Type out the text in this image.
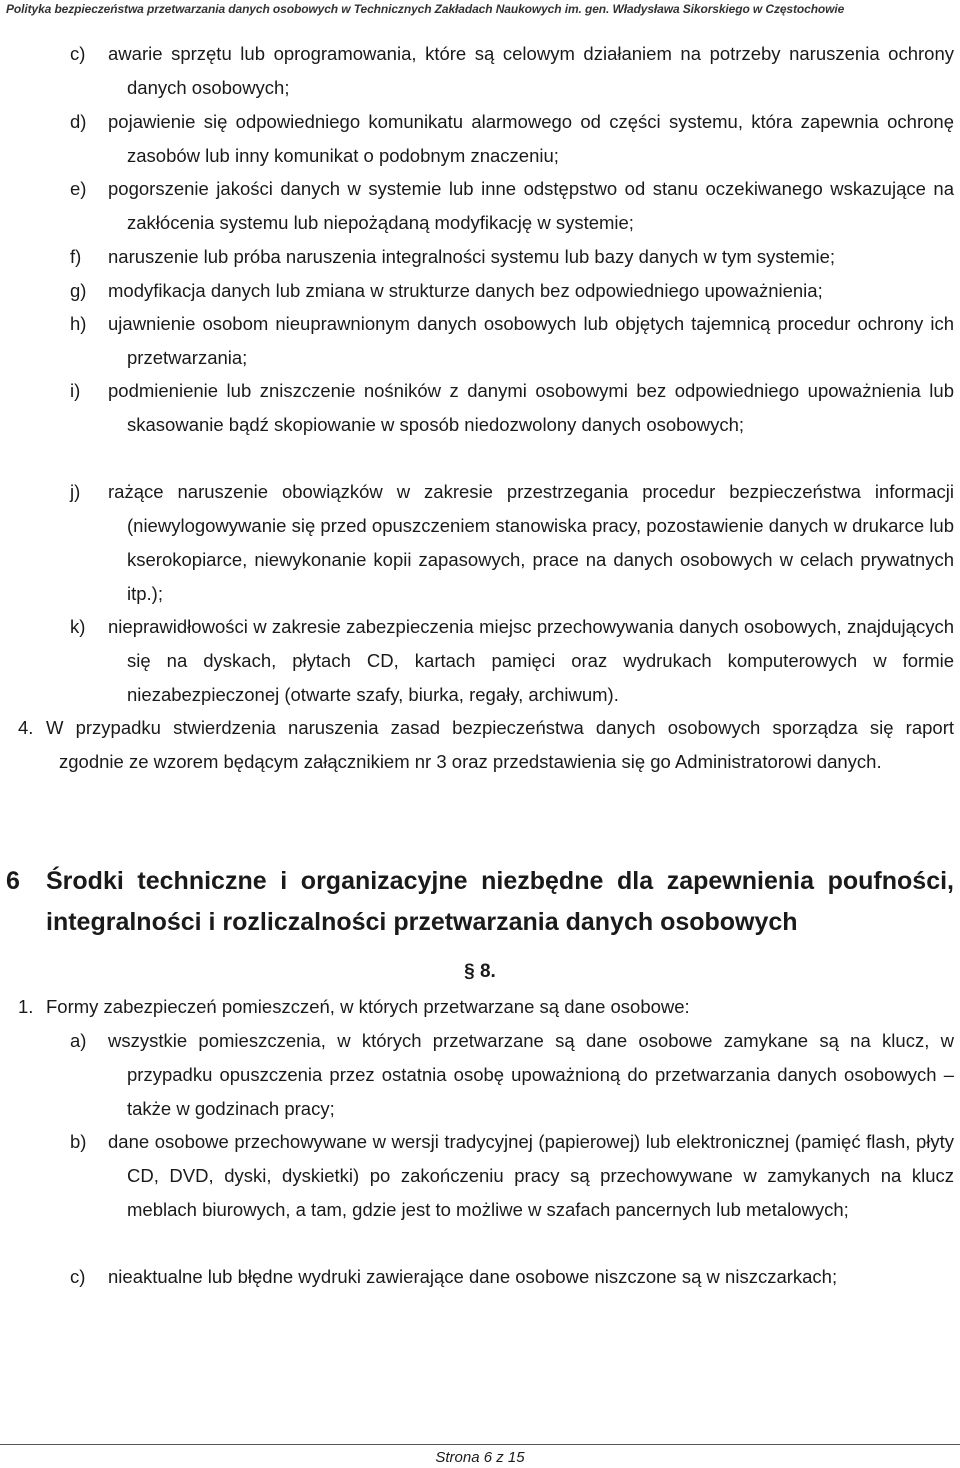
Polityka bezpieczeństwa przetwarzania danych osobowych w Technicznych Zakładach Naukowych im. gen. Władysława Sikorskiego w Częstochowie
c) awarie sprzętu lub oprogramowania, które są celowym działaniem na potrzeby naruszenia ochrony danych osobowych;
d) pojawienie się odpowiedniego komunikatu alarmowego od części systemu, która zapewnia ochronę zasobów lub inny komunikat o podobnym znaczeniu;
e) pogorszenie jakości danych w systemie lub inne odstępstwo od stanu oczekiwanego wskazujące na zakłócenia systemu lub niepożądaną modyfikację w systemie;
f) naruszenie lub próba naruszenia integralności systemu lub bazy danych w tym systemie;
g) modyfikacja danych lub zmiana w strukturze danych bez odpowiedniego upoważnienia;
h) ujawnienie osobom nieuprawnionym danych osobowych lub objętych tajemnicą procedur ochrony ich przetwarzania;
i) podmienienie lub zniszczenie nośników z danymi osobowymi bez odpowiedniego upoważnienia lub skasowanie bądź skopiowanie w sposób niedozwolony danych osobowych;
j) rażące naruszenie obowiązków w zakresie przestrzegania procedur bezpieczeństwa informacji (niewylogowywanie się przed opuszczeniem stanowiska pracy, pozostawienie danych w drukarce lub kserokopiarce, niewykonanie kopii zapasowych, prace na danych osobowych w celach prywatnych itp.);
k) nieprawidłowości w zakresie zabezpieczenia miejsc przechowywania danych osobowych, znajdujących się na dyskach, płytach CD, kartach pamięci oraz wydrukach komputerowych w formie niezabezpieczonej (otwarte szafy, biurka, regały, archiwum).
4. W przypadku stwierdzenia naruszenia zasad bezpieczeństwa danych osobowych sporządza się raport zgodnie ze wzorem będącym załącznikiem nr 3 oraz przedstawienia się go Administratorowi danych.
6 Środki techniczne i organizacyjne niezbędne dla zapewnienia poufności, integralności i rozliczalności przetwarzania danych osobowych
§ 8.
1. Formy zabezpieczeń pomieszczeń, w których przetwarzane są dane osobowe:
a) wszystkie pomieszczenia, w których przetwarzane są dane osobowe zamykane są na klucz, w przypadku opuszczenia przez ostatnia osobę upoważnioną do przetwarzania danych osobowych – także w godzinach pracy;
b) dane osobowe przechowywane w wersji tradycyjnej (papierowej) lub elektronicznej (pamięć flash, płyty CD, DVD, dyski, dyskietki) po zakończeniu pracy są przechowywane w zamykanych na klucz meblach biurowych, a tam, gdzie jest to możliwe w szafach pancernych lub metalowych;
c) nieaktualne lub błędne wydruki zawierające dane osobowe niszczone są w niszczarkach;
Strona 6 z 15
